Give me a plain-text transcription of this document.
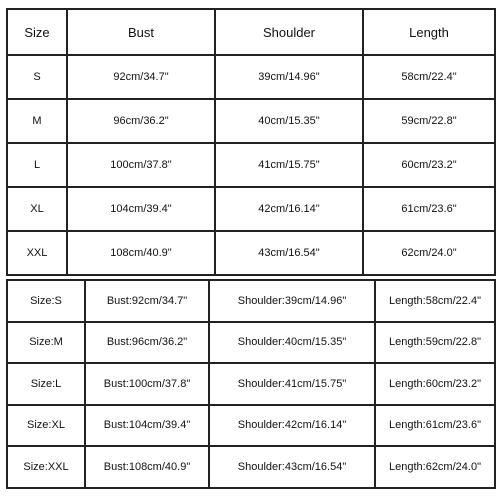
Size	Bust	Shoulder	Length
S	92cm/34.7"	39cm/14.96"	58cm/22.4"
M	96cm/36.2"	40cm/15.35"	59cm/22.8"
L	100cm/37.8"	41cm/15.75"	60cm/23.2"
XL	104cm/39.4"	42cm/16.14"	61cm/23.6"
XXL	108cm/40.9"	43cm/16.54"	62cm/24.0"
Size:S	Bust:92cm/34.7"	Shoulder:39cm/14.96"	Length:58cm/22.4"
Size:M	Bust:96cm/36.2"	Shoulder:40cm/15.35"	Length:59cm/22.8"
Size:L	Bust:100cm/37.8"	Shoulder:41cm/15.75"	Length:60cm/23.2"
Size:XL	Bust:104cm/39.4"	Shoulder:42cm/16.14"	Length:61cm/23.6"
Size:XXL	Bust:108cm/40.9"	Shoulder:43cm/16.54"	Length:62cm/24.0"
